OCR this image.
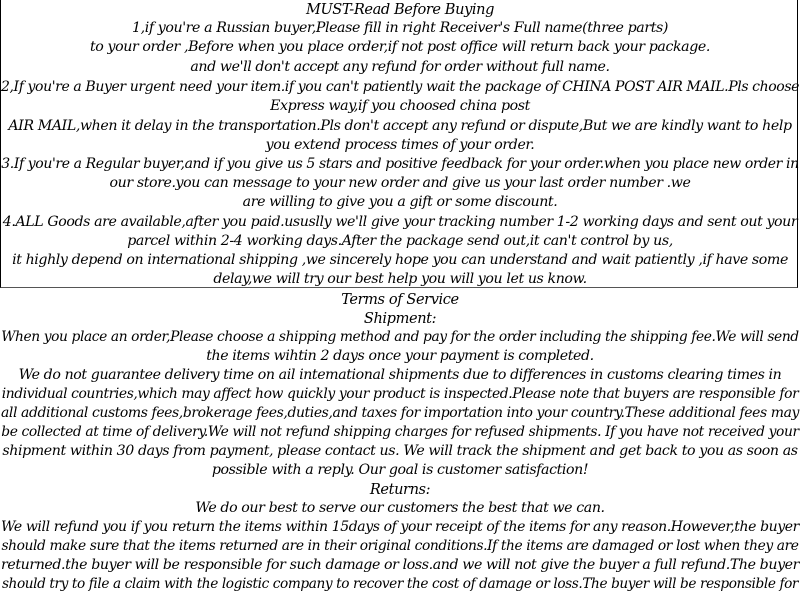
MUST-Read Before Buying
1,if you're a Russian buyer,Please fill in right Receiver's Full name(three parts)
to your order ,Before when you place order,if not post office will return back your package.
and we'll don't accept any refund for order without full name.
2,If you're a Buyer urgent need your item.if you can't patiently wait the package of CHINA POST AIR MAIL.Pls choose
Express way,if you choosed china post
AIR MAIL,when it delay in the transportation.Pls don't accept any refund or dispute,But we are kindly want to help
you extend process times of your order.
3.If you're a Regular buyer,and if you give us 5 stars and positive feedback for your order.when you place new order in
our store.you can message to your new order and give us your last order number .we
are willing to give you a gift or some discount.
4.ALL Goods are available,after you paid.ususlly we'll give your tracking number 1-2 working days and sent out your
parcel within 2-4 working days.After the package send out,it can't control by us,
it highly depend on international shipping ,we sincerely hope you can understand and wait patiently ,if have some
delay,we will try our best help you will you let us know.
Terms of Service
Shipment:
When you place an order,Please choose a shipping method and pay for the order including the shipping fee.We will send
the items wihtin 2 days once your payment is completed.
We do not guarantee delivery time on ail intemational shipments due to differences in customs clearing times in
individual countries,which may affect how quickly your product is inspected.Please note that buyers are responsible for
all additional customs fees,brokerage fees,duties,and taxes for importation into your country.These additional fees may
be collected at time of delivery.We will not refund shipping charges for refused shipments. If you have not received your
shipment within 30 days from payment, please contact us. We will track the shipment and get back to you as soon as
possible with a reply. Our goal is customer satisfaction!
Returns:
We do our best to serve our customers the best that we can.
We will refund you if you return the items within 15days of your receipt of the items for any reason.However,the buyer
should make sure that the items returned are in their original conditions.If the items are damaged or lost when they are
returned.the buyer will be responsible for such damage or loss.and we will not give the buyer a full refund.The buyer
should try to file a claim with the logistic company to recover the cost of damage or loss.The buyer will be responsible for
